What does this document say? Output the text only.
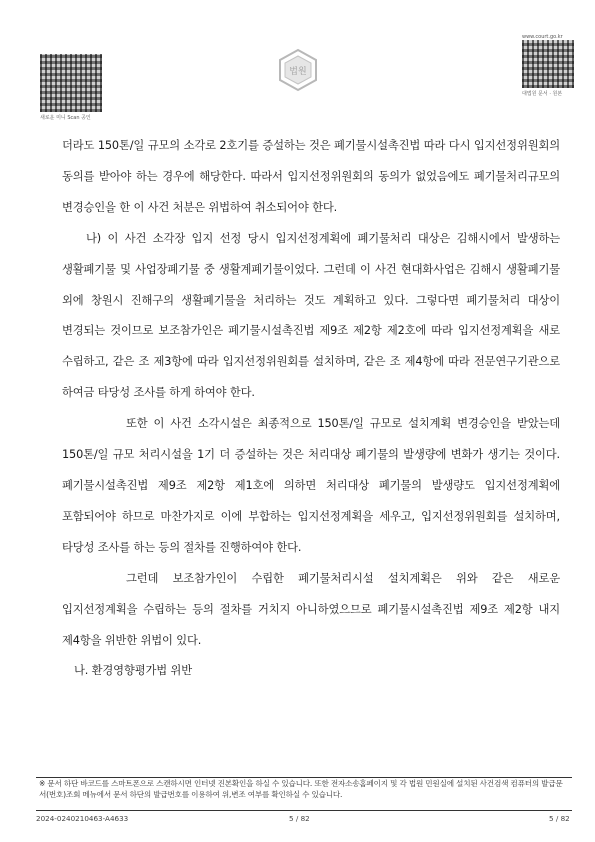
새로운 미니 Scan 공인
법원
www.court.go.kr
대법원 문서 · 원본

더라도 150톤/일 규모의 소각로 2호기를 증설하는 것은 폐기물시설촉진법 따라 다시 입지선정위원회의 동의를 받아야 하는 경우에 해당한다. 따라서 입지선정위원회의 동의가 없었음에도 폐기물처리규모의 변경승인을 한 이 사건 처분은 위법하여 취소되어야 한다.

나) 이 사건 소각장 입지 선정 당시 입지선정계획에 폐기물처리 대상은 김해시에서 발생하는 생활폐기물 및 사업장폐기물 중 생활계폐기물이었다. 그런데 이 사건 현대화사업은 김해시 생활폐기물 외에 창원시 진해구의 생활폐기물을 처리하는 것도 계획하고 있다. 그렇다면 폐기물처리 대상이 변경되는 것이므로 보조참가인은 폐기물시설촉진법 제9조 제2항 제2호에 따라 입지선정계획을 새로 수립하고, 같은 조 제3항에 따라 입지선정위원회를 설치하며, 같은 조 제4항에 따라 전문연구기관으로 하여금 타당성 조사를 하게 하여야 한다.

또한 이 사건 소각시설은 최종적으로 150톤/일 규모로 설치계획 변경승인을 받았는데 150톤/일 규모 처리시설을 1기 더 증설하는 것은 처리대상 폐기물의 발생량에 변화가 생기는 것이다. 폐기물시설촉진법 제9조 제2항 제1호에 의하면 처리대상 폐기물의 발생량도 입지선정계획에 포함되어야 하므로 마찬가지로 이에 부합하는 입지선정계획을 세우고, 입지선정위원회를 설치하며, 타당성 조사를 하는 등의 절차를 진행하여야 한다.

그런데 보조참가인이 수립한 폐기물처리시설 설치계획은 위와 같은 새로운 입지선정계획을 수립하는 등의 절차를 거치지 아니하였으므로 폐기물시설촉진법 제9조 제2항 내지 제4항을 위반한 위법이 있다.

나. 환경영향평가법 위반

※ 문서 하단 바코드를 스마트폰으로 스캔하시면 인터넷 진본확인을 하실 수 있습니다. 또한 전자소송홈페이지 및 각 법원 민원실에 설치된 사건검색 컴퓨터의 발급문서(번호)조회 메뉴에서 문서 하단의 발급번호를 이용하여 위,변조 여부를 확인하실 수 있습니다.
2024-0240210463-A4633	5 / 82	5 / 82
